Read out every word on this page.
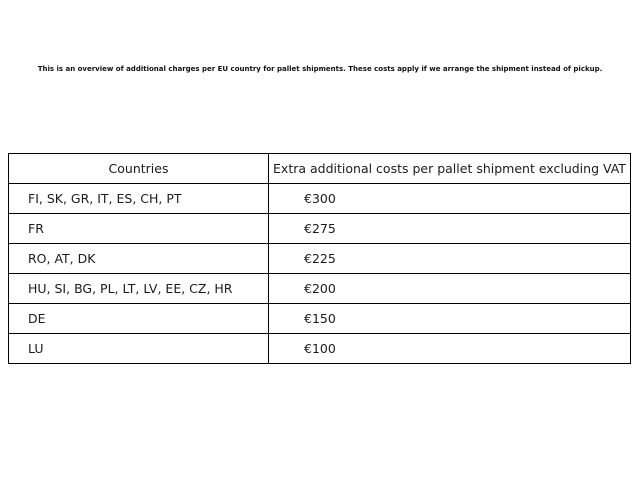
This is an overview of additional charges per EU country for pallet shipments. These costs apply if we arrange the shipment instead of pickup.
Countries	Extra additional costs per pallet shipment excluding VAT
FI, SK, GR, IT, ES, CH, PT	€300
FR	€275
RO, AT, DK	€225
HU, SI, BG, PL, LT, LV, EE, CZ, HR	€200
DE	€150
LU	€100
